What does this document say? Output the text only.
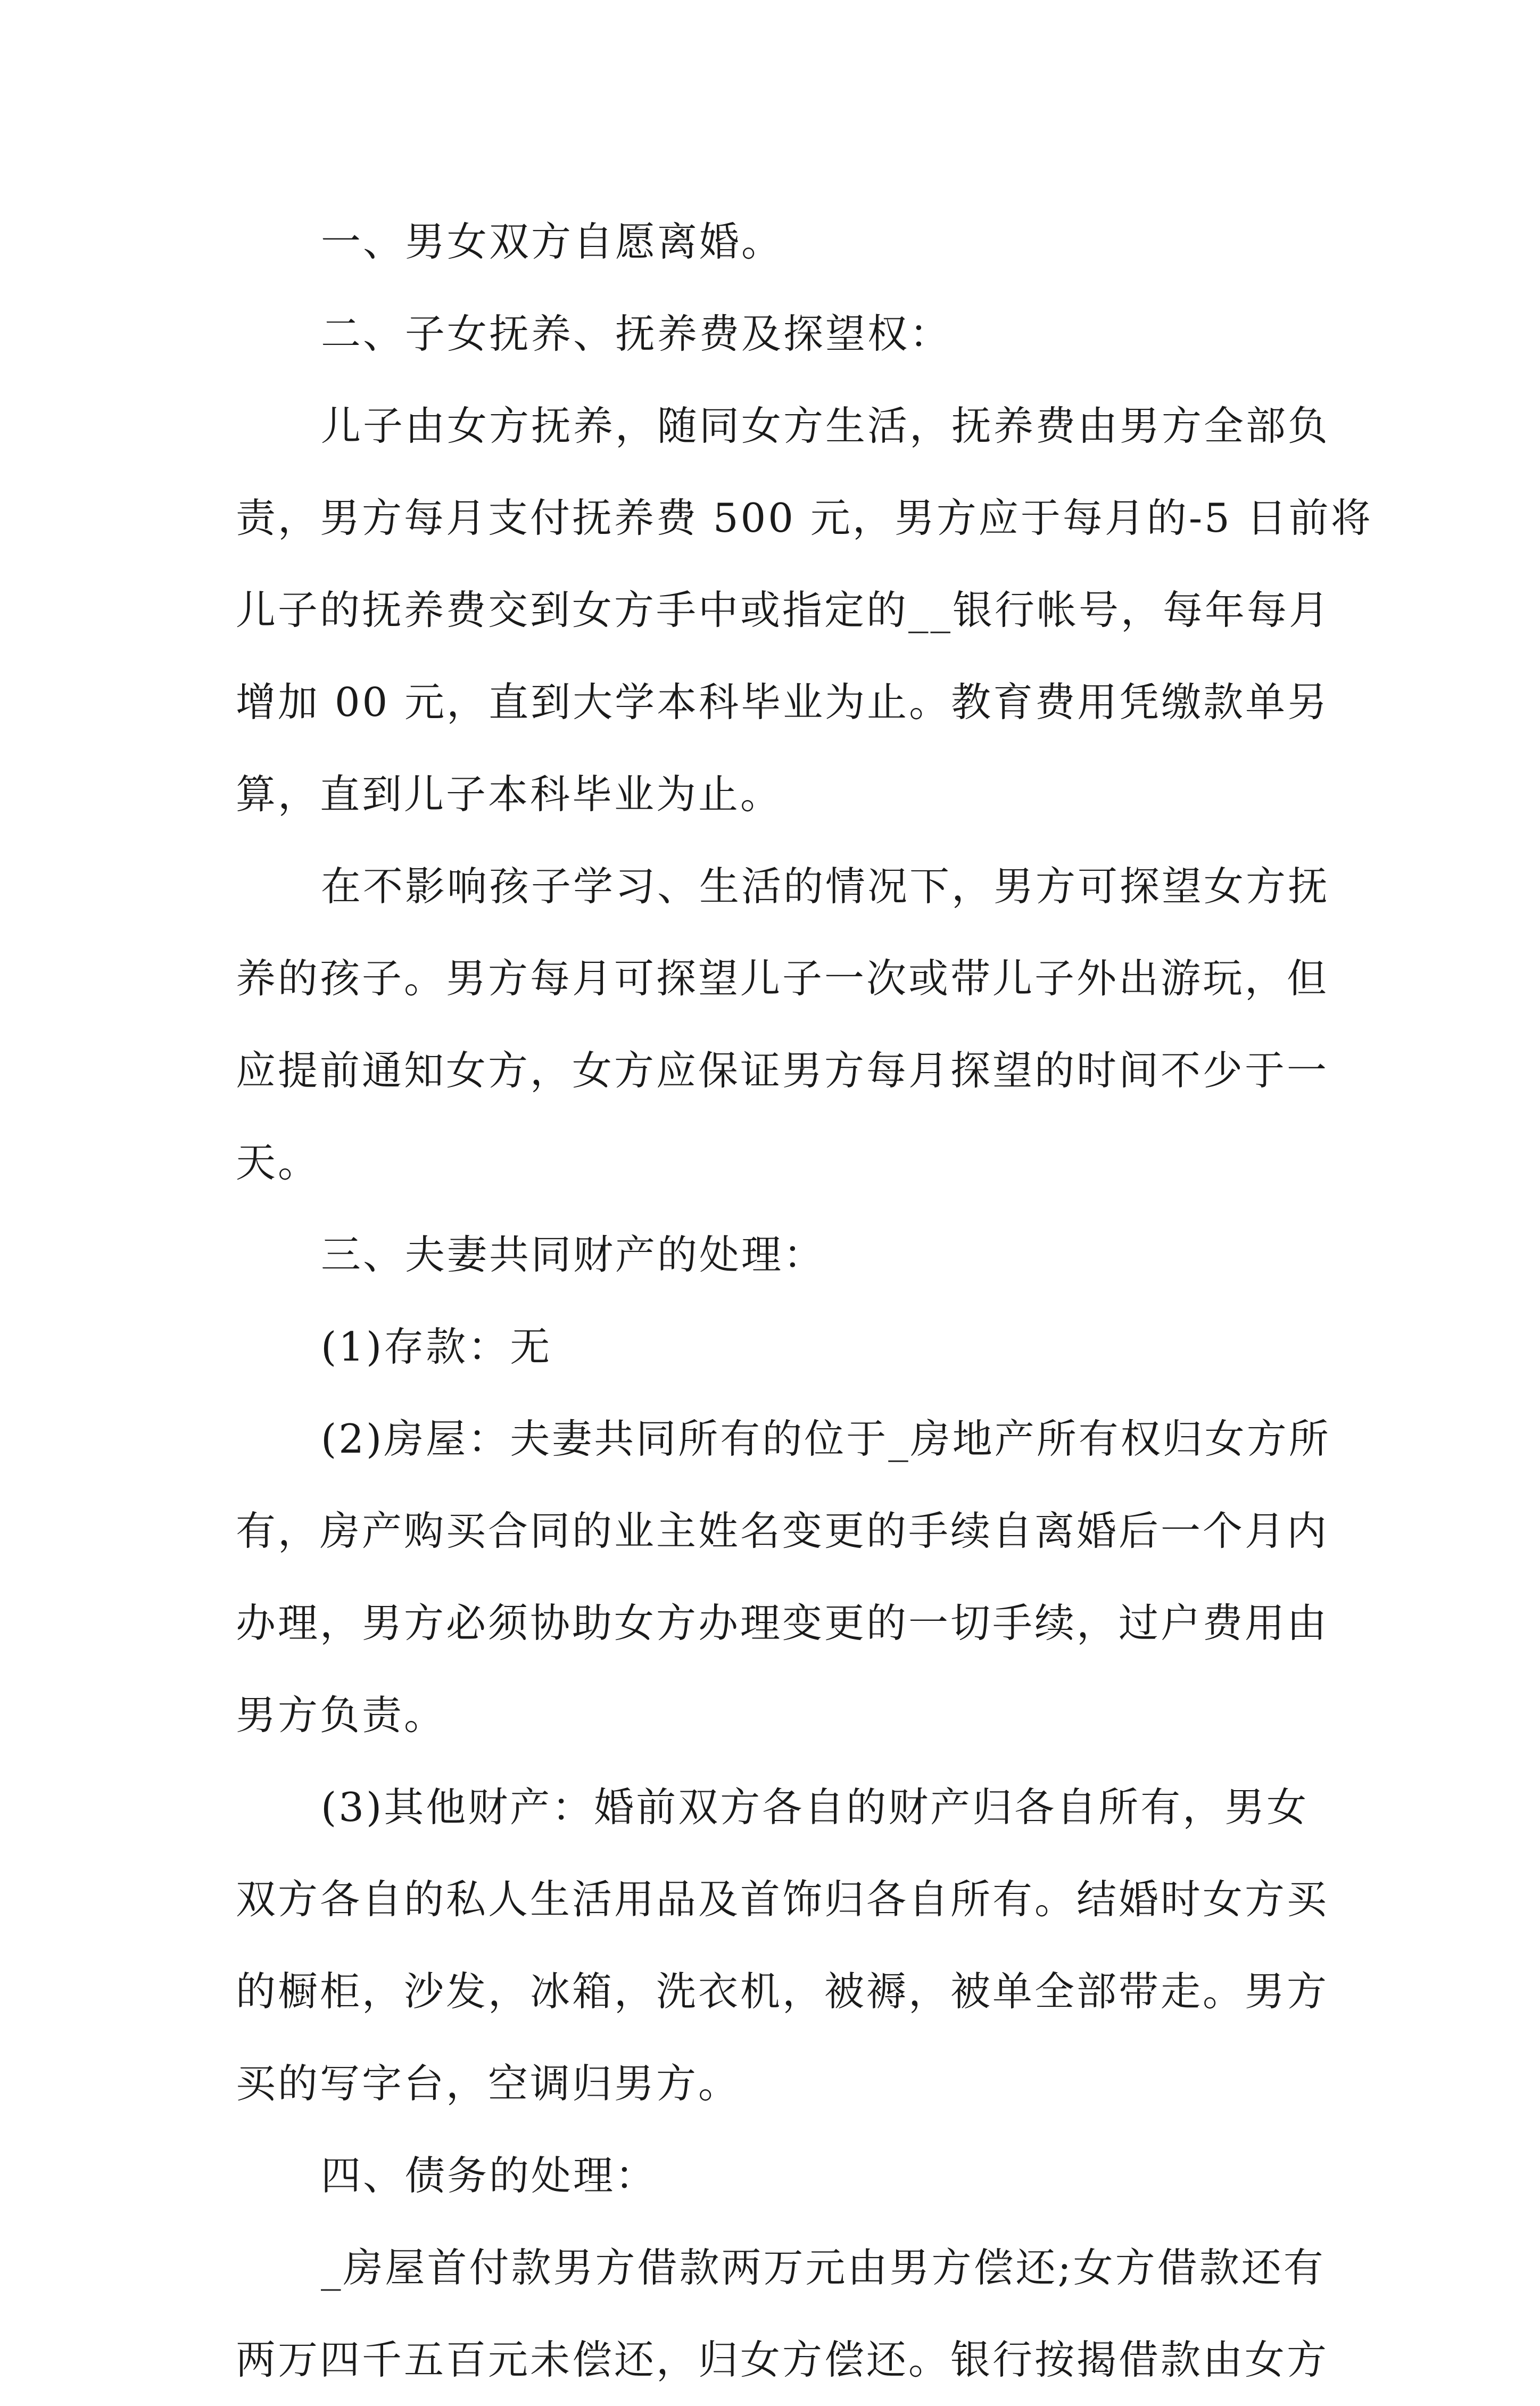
一、男女双方自愿离婚。
二、子女抚养、抚养费及探望权：
儿子由女方抚养，随同女方生活，抚养费由男方全部负
责，男方每月支付抚养费 500 元，男方应于每月的-5 日前将
儿子的抚养费交到女方手中或指定的__银行帐号，每年每月
增加 00 元，直到大学本科毕业为止。教育费用凭缴款单另
算，直到儿子本科毕业为止。
在不影响孩子学习、生活的情况下，男方可探望女方抚
养的孩子。男方每月可探望儿子一次或带儿子外出游玩，但
应提前通知女方，女方应保证男方每月探望的时间不少于一
天。
三、夫妻共同财产的处理：
(1)存款：无
(2)房屋：夫妻共同所有的位于_房地产所有权归女方所
有，房产购买合同的业主姓名变更的手续自离婚后一个月内
办理，男方必须协助女方办理变更的一切手续，过户费用由
男方负责。
(3)其他财产：婚前双方各自的财产归各自所有，男女
双方各自的私人生活用品及首饰归各自所有。结婚时女方买
的橱柜，沙发，冰箱，洗衣机，被褥，被单全部带走。男方
买的写字台，空调归男方。
四、债务的处理：
_房屋首付款男方借款两万元由男方偿还;女方借款还有
两万四千五百元未偿还，归女方偿还。银行按揭借款由女方
